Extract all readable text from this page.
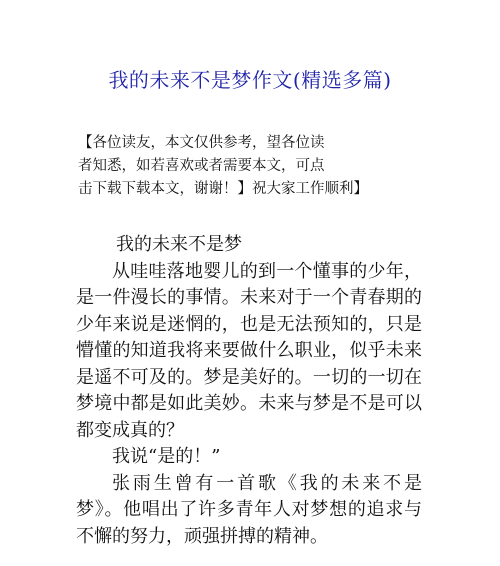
我的未来不是梦作文(精选多篇)
【各位读友，本文仅供参考，望各位读
者知悉，如若喜欢或者需要本文，可点
击下载下载本文，谢谢！】祝大家工作顺利】

我的未来不是梦

从哇哇落地婴儿的到一个懂事的少年，是一件漫长的事情。未来对于一个青春期的少年来说是迷惘的，也是无法预知的，只是懵懂的知道我将来要做什么职业，似乎未来是遥不可及的。梦是美好的。一切的一切在梦境中都是如此美妙。未来与梦是不是可以都变成真的？

我说“是的！”

张雨生曾有一首歌《我的未来不是梦》。他唱出了许多青年人对梦想的追求与不懈的努力，顽强拼搏的精神。
